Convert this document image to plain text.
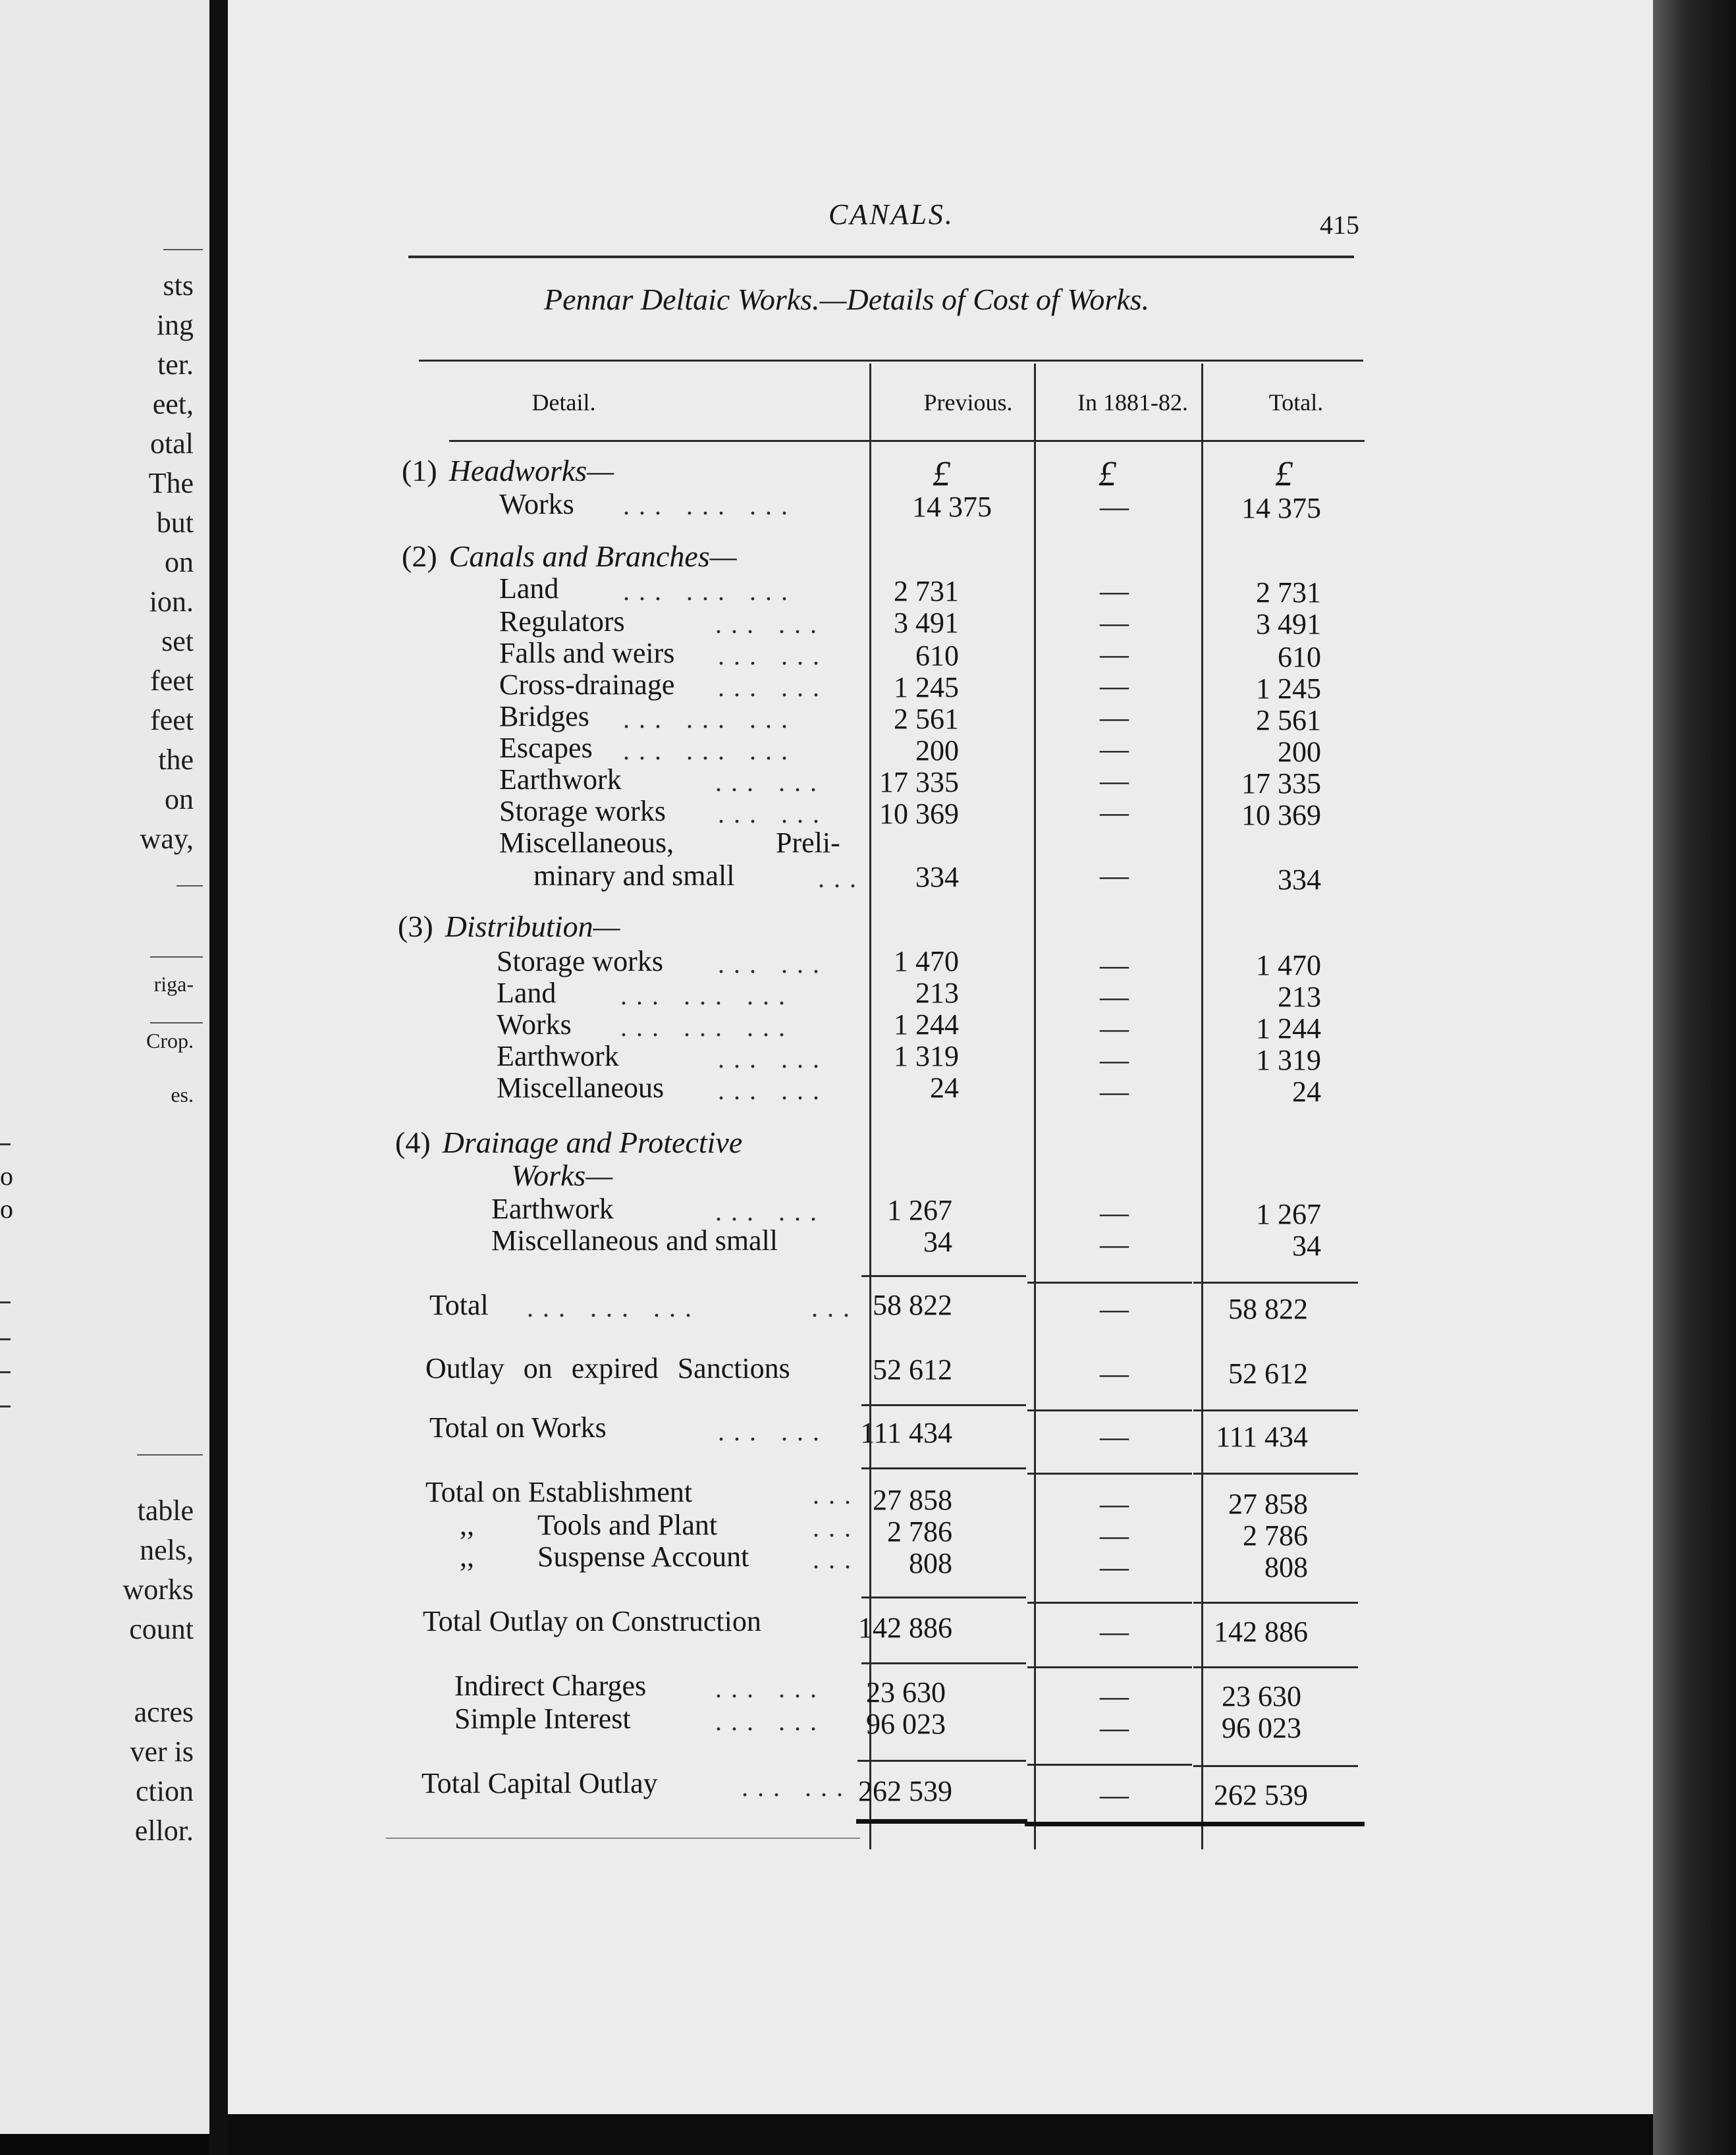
sts
ing
ter.
eet,
otal
The
but
on
ion.
set
feet
feet
the
on
way,
riga-
Crop.
es.
o
o
table
nels,
works
count
acres
ver is
ction
ellor.
CANALS.	415
Pennar Deltaic Works.—Details of Cost of Works.
Detail.	Previous.	In 1881-82.	Total.
£	£	£
(1) Headworks—
Works ... ... ...	14 375	—	14 375
(2) Canals and Branches—
Land ... ... ...	2 731	—	2 731
Regulators	... ...	3 491	—	3 491
Falls and weirs ... ...	610	—	610
Cross-drainage ... ...	1 245	—	1 245
Bridges ... ... ...	2 561	—	2 561
Escapes ... ... ...	200	—	200
Earthwork	... ...	17 335	—	17 335
Storage works ... ...	10 369	—	10 369
Miscellaneous,	Preli-
minary and small	...	334	—	334
(3) Distribution—
Storage works ... ...	1 470	—	1 470
Land ... ... ...	213	—	213
Works ... ... ...	1 244	—	1 244
Earthwork	... ...	1 319	—	1 319
Miscellaneous ... ...	24	—	24
(4) Drainage and Protective
Works—
Earthwork	... ...	1 267	—	1 267
Miscellaneous and small	34	—	34
Total ... ... ...	... 58 822	—	58 822
Outlay on expired Sanctions	52 612	—	52 612
Total on Works	... ...	111 434	—	111 434
Total on Establishment	... 27 858	—	27 858
,, Tools and Plant	... 2 786	—	2 786
,, Suspense Account ...	808	—	808
Total Outlay on Construction	142 886	—	142 886
Indirect Charges	... ...	23 630	—	23 630
Simple Interest	... ...	96 023	—	96 023
Total Capital Outlay	... ... 262 539	—	262 539
